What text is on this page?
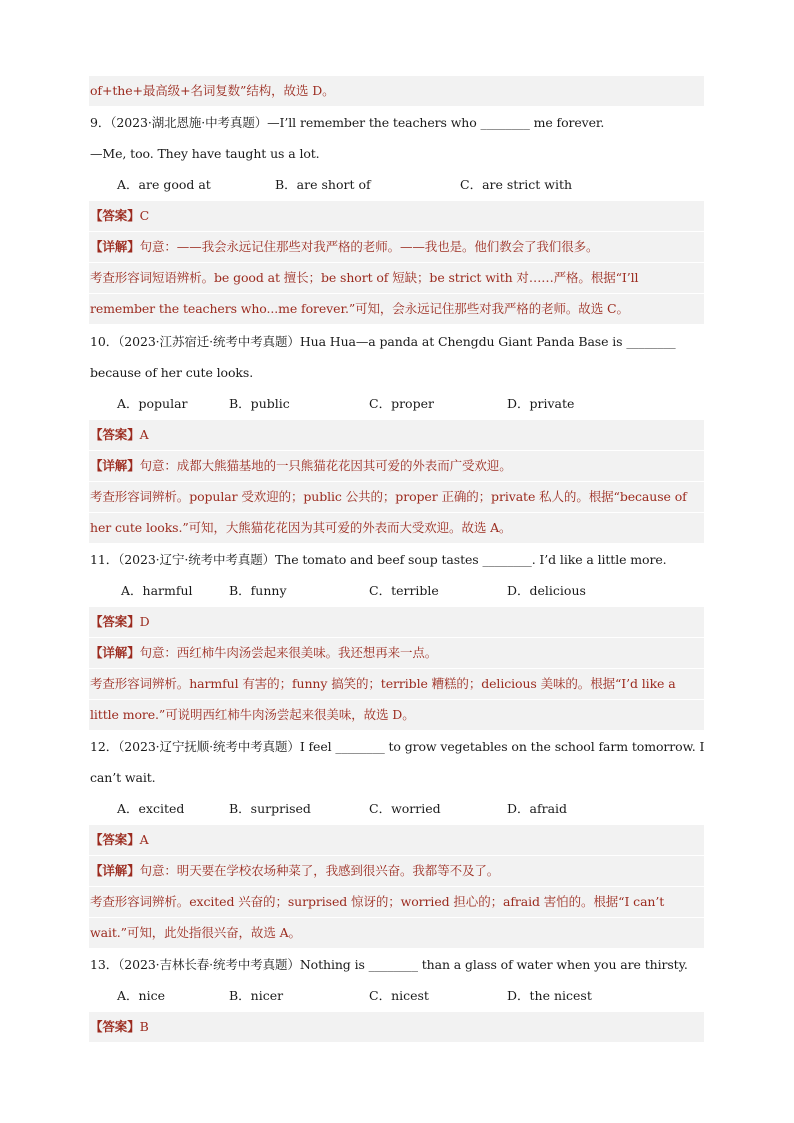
of+the+最高级+名词复数”结构，故选 D。
9．（2023·湖北恩施·中考真题）—I’ll remember the teachers who ________ me forever.
—Me, too. They have taught us a lot.
A．are good at	B．are short of	C．are strict with
【答案】C
【详解】句意：——我会永远记住那些对我严格的老师。——我也是。他们教会了我们很多。
考查形容词短语辨析。be good at 擅长；be short of 短缺；be strict with 对……严格。根据“I’ll
remember the teachers who...me forever.”可知，会永远记住那些对我严格的老师。故选 C。
10．（2023·江苏宿迁·统考中考真题）Hua Hua—a panda at Chengdu Giant Panda Base is ________
because of her cute looks.
A．popular	B．public	C．proper	D．private
【答案】A
【详解】句意：成都大熊猫基地的一只熊猫花花因其可爱的外表而广受欢迎。
考查形容词辨析。popular 受欢迎的；public 公共的；proper 正确的；private 私人的。根据“because of
her cute looks.”可知，大熊猫花花因为其可爱的外表而大受欢迎。故选 A。
11．（2023·辽宁·统考中考真题）The tomato and beef soup tastes ________. I’d like a little more.
A．harmful	B．funny	C．terrible	D．delicious
【答案】D
【详解】句意：西红柿牛肉汤尝起来很美味。我还想再来一点。
考查形容词辨析。harmful 有害的；funny 搞笑的；terrible 糟糕的；delicious 美味的。根据“I’d like a
little more.”可说明西红柿牛肉汤尝起来很美味，故选 D。
12．（2023·辽宁抚顺·统考中考真题）I feel ________ to grow vegetables on the school farm tomorrow. I
can’t wait.
A．excited	B．surprised	C．worried	D．afraid
【答案】A
【详解】句意：明天要在学校农场种菜了，我感到很兴奋。我都等不及了。
考查形容词辨析。excited 兴奋的；surprised 惊讶的；worried 担心的；afraid 害怕的。根据“I can’t
wait.”可知，此处指很兴奋，故选 A。
13．（2023·吉林长春·统考中考真题）Nothing is ________ than a glass of water when you are thirsty.
A．nice	B．nicer	C．nicest	D．the nicest
【答案】B
